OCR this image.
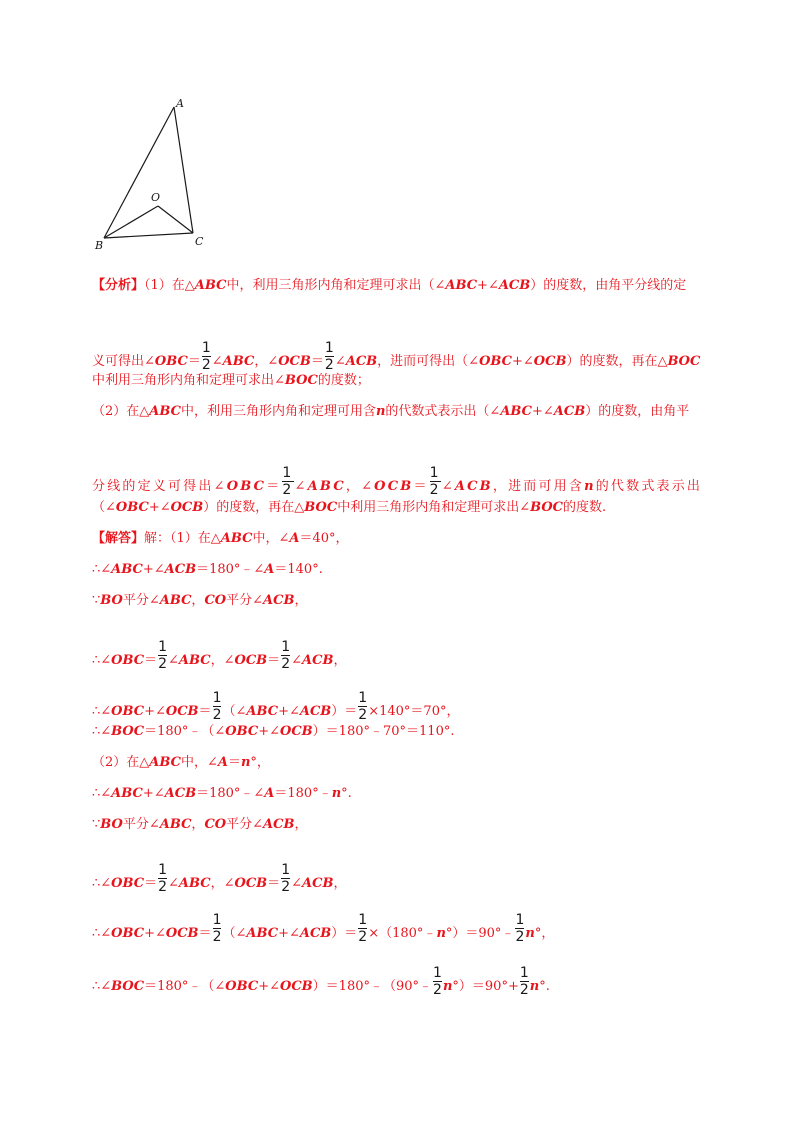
A
B	C
O
【分析】（1）在△ABC中，利用三角形内角和定理可求出（∠ABC+∠ACB）的度数，由角平分线的定
义可得出∠OBC＝ $\frac{1}{2}$ ∠ABC，∠OCB＝ $\frac{1}{2}$ ∠ACB，进而可得出（∠OBC+∠OCB）的度数，再在△BOC
中利用三角形内角和定理可求出∠BOC的度数；
（2）在△ABC中，利用三角形内角和定理可用含n的代数式表示出（∠ABC+∠ACB）的度数，由角平
分线的定义可得出∠OBC＝ $\frac{1}{2}$ ∠ABC，∠OCB＝ $\frac{1}{2}$ ∠ACB，进而可用含n的代数式表示出
（∠OBC+∠OCB）的度数，再在△BOC中利用三角形内角和定理可求出∠BOC的度数.
【解答】解：（1）在△ABC中，∠A＝40°，
∴∠ABC+∠ACB＝180°﹣∠A＝140°.
∵BO平分∠ABC，CO平分∠ACB，
∴∠OBC＝ $\frac{1}{2}$ ∠ABC，∠OCB＝ $\frac{1}{2}$ ∠ACB，
∴∠OBC+∠OCB＝ $\frac{1}{2}$ （∠ABC+∠ACB）＝ $\frac{1}{2} \times 140^\circ=70^\circ$，
∴∠BOC＝180°﹣（∠OBC+∠OCB）＝180°﹣70°＝110°.
（2）在△ABC中，∠A＝n°，
∴∠ABC+∠ACB＝180°﹣∠A＝180°﹣n°.
∵BO平分∠ABC，CO平分∠ACB，
∴∠OBC＝ $\frac{1}{2}$ ∠ABC，∠OCB＝ $\frac{1}{2}$ ∠ACB，
∴∠OBC+∠OCB＝ $\frac{1}{2}$ （∠ABC+∠ACB）＝ $\frac{1}{2}$ ×（180°﹣n°）＝90°﹣ $\frac{1}{2} n^\circ$，
∴∠BOC＝180°﹣（∠OBC+∠OCB）＝180°﹣（90°﹣ $\frac{1}{2} n^\circ)=90^\circ+ \frac{1}{2} n^\circ$.
